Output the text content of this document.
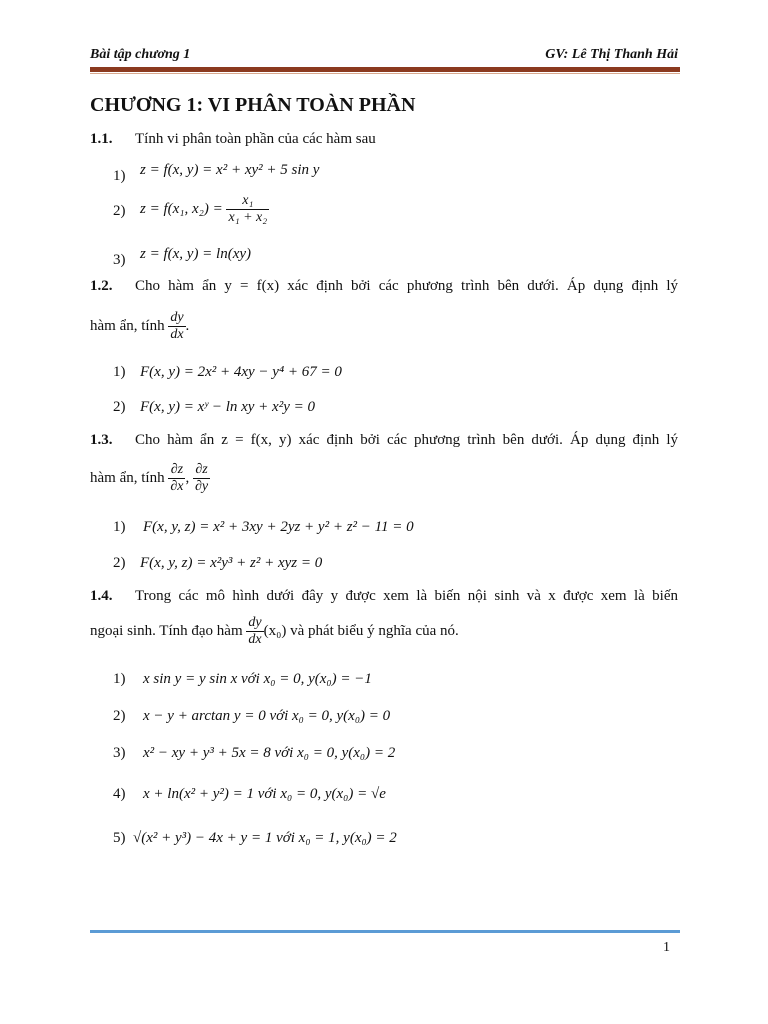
Bài tập chương 1	GV: Lê Thị Thanh Hải
CHƯƠNG 1: VI PHÂN TOÀN PHẦN
1.1. Tính vi phân toàn phần của các hàm sau
1) z = f(x, y) = x² + xy² + 5 sin y
2) z = f(x₁, $x_2) = \frac{\text{x₁}}{\text{x₁ + x₂}}$
3) z = f(x, y) = ln(xy)
1.2. Cho hàm ẩn y = f(x) xác định bởi các phương trình bên dưới. Áp dụng định lý
hàm ẩn, tính $\frac{dy}{dx}$ .
1) F(x, y) = 2x² + 4xy − y⁴ + 67 = 0
2) F(x, y) = xʸ − ln xy + x²y = 0
1.3. Cho hàm ẩn z = f(x, y) xác định bởi các phương trình bên dưới. Áp dụng định lý
hàm ẩn, tính $\frac{\partial z}{\partial x}$ , $\frac{\partial z}{\partial y}$
1) F(x, y, z) = x² + 3xy + 2yz + y² + z² − 11 = 0
2) F(x, y, z) = x²y³ + z² + xyz = 0
1.4. Trong các mô hình dưới đây y được xem là biến nội sinh và x được xem là biến
ngoại sinh. Tính đạo hàm $\frac{dy}{dx} (x_0)$ và phát biểu ý nghĩa của nó.
1) x sin y = y sin x với x₀ = 0, y(x₀) = −1
2) x − y + arctan y = 0 với x₀ = 0, y(x₀) = 0
3) x² − xy + y³ + 5x = 8 với x₀ = 0, y(x₀) = 2
4) x + ln(x² + y²) = 1 với x₀ = 0, y(x₀) = √e
5) √(x² + y³) − 4x + y = 1 với x₀ = 1, y(x₀) = 2
1
